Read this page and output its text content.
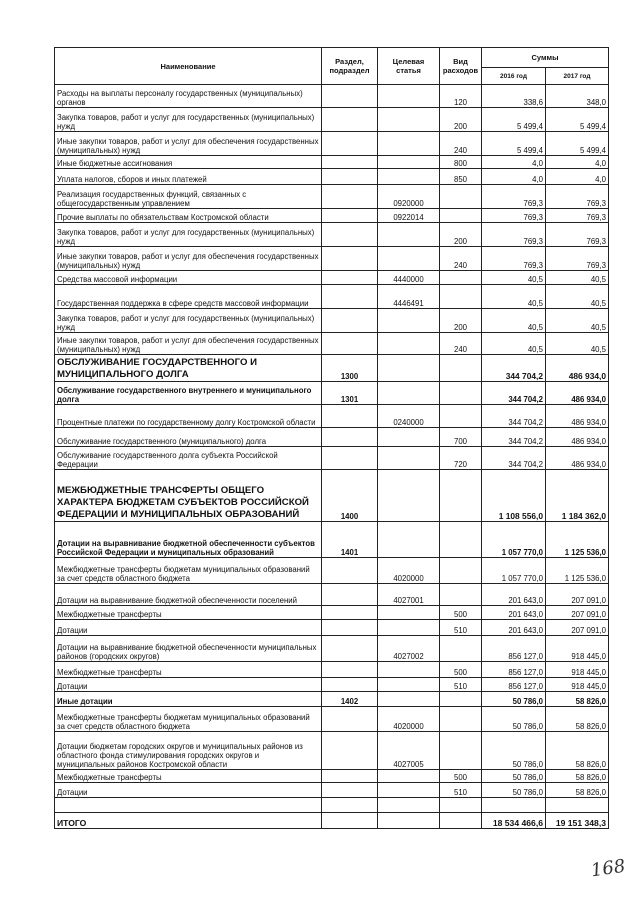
Наименование	Раздел, подраздел	Целевая статья	Вид расходов	Суммы	
				2016 год	2017 год
Расходы на выплаты персоналу государственных (муниципальных) органов			120	338,6	348,0
Закупка товаров, работ и услуг для государственных (муниципальных) нужд			200	5 499,4	5 499,4
Иные закупки товаров, работ и услуг для обеспечения государственных (муниципальных) нужд			240	5 499,4	5 499,4
Иные бюджетные ассигнования			800	4,0	4,0
Уплата налогов, сборов и иных платежей			850	4,0	4,0
Реализация государственных функций, связанных с общегосударственным управлением		0920000		769,3	769,3
Прочие выплаты по обязательствам Костромской области		0922014		769,3	769,3
Закупка товаров, работ и услуг для государственных (муниципальных) нужд			200	769,3	769,3
Иные закупки товаров, работ и услуг для обеспечения государственных (муниципальных) нужд			240	769,3	769,3
Средства массовой информации		4440000		40,5	40,5
Государственная поддержка в сфере средств массовой информации		4446491		40,5	40,5
Закупка товаров, работ и услуг для государственных (муниципальных) нужд			200	40,5	40,5
Иные закупки товаров, работ и услуг для обеспечения государственных (муниципальных) нужд			240	40,5	40,5
ОБСЛУЖИВАНИЕ ГОСУДАРСТВЕННОГО И МУНИЦИПАЛЬНОГО ДОЛГА	1300			344 704,2	486 934,0
Обслуживание государственного внутреннего и муниципального долга	1301			344 704,2	486 934,0
Процентные платежи по государственному долгу Костромской области		0240000		344 704,2	486 934,0
Обслуживание государственного (муниципального) долга			700	344 704,2	486 934,0
Обслуживание государственного долга субъекта Российской Федерации			720	344 704,2	486 934,0
МЕЖБЮДЖЕТНЫЕ ТРАНСФЕРТЫ ОБЩЕГО ХАРАКТЕРА БЮДЖЕТАМ СУБЪЕКТОВ РОССИЙСКОЙ ФЕДЕРАЦИИ И МУНИЦИПАЛЬНЫХ ОБРАЗОВАНИЙ	1400			1 108 556,0	1 184 362,0
Дотации на выравнивание бюджетной обеспеченности субъектов Российской Федерации и муниципальных образований	1401			1 057 770,0	1 125 536,0
Межбюджетные трансферты бюджетам муниципальных образований за счет средств областного бюджета		4020000		1 057 770,0	1 125 536,0
Дотации на выравнивание бюджетной обеспеченности поселений		4027001		201 643,0	207 091,0
Межбюджетные трансферты			500	201 643,0	207 091,0
Дотации			510	201 643,0	207 091,0
Дотации на выравнивание бюджетной обеспеченности муниципальных районов (городских округов)		4027002		856 127,0	918 445,0
Межбюджетные трансферты			500	856 127,0	918 445,0
Дотации			510	856 127,0	918 445,0
Иные дотации	1402			50 786,0	58 826,0
Межбюджетные трансферты бюджетам муниципальных образований за счет средств областного бюджета		4020000		50 786,0	58 826,0
Дотации бюджетам городских округов и муниципальных районов из областного фонда стимулирования городских округов и муниципальных районов Костромской области		4027005		50 786,0	58 826,0
Межбюджетные трансферты			500	50 786,0	58 826,0
Дотации			510	50 786,0	58 826,0

ИТОГО				18 534 466,6	19 151 348,3
168
